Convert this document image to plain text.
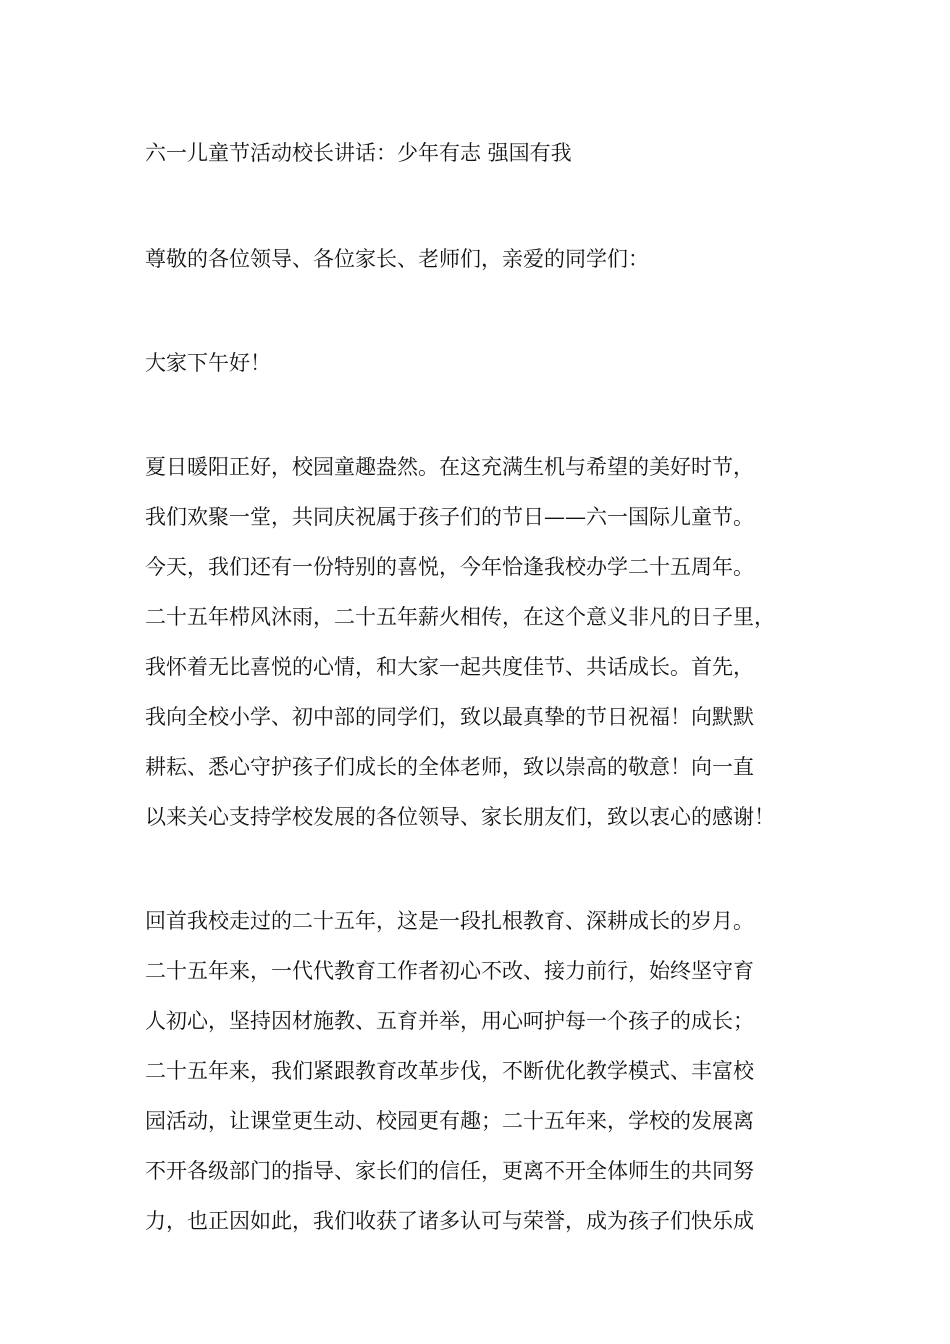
六一儿童节活动校长讲话：少年有志 强国有我
尊敬的各位领导、各位家长、老师们，亲爱的同学们：
大家下午好！
夏日暖阳正好，校园童趣盎然。在这充满生机与希望的美好时节，
我们欢聚一堂，共同庆祝属于孩子们的节日——六一国际儿童节。
今天，我们还有一份特别的喜悦，今年恰逢我校办学二十五周年。
二十五年栉风沐雨，二十五年薪火相传，在这个意义非凡的日子里，
我怀着无比喜悦的心情，和大家一起共度佳节、共话成长。首先，
我向全校小学、初中部的同学们，致以最真挚的节日祝福！向默默
耕耘、悉心守护孩子们成长的全体老师，致以崇高的敬意！向一直
以来关心支持学校发展的各位领导、家长朋友们，致以衷心的感谢！
回首我校走过的二十五年，这是一段扎根教育、深耕成长的岁月。
二十五年来，一代代教育工作者初心不改、接力前行，始终坚守育
人初心，坚持因材施教、五育并举，用心呵护每一个孩子的成长；
二十五年来，我们紧跟教育改革步伐，不断优化教学模式、丰富校
园活动，让课堂更生动、校园更有趣；二十五年来，学校的发展离
不开各级部门的指导、家长们的信任，更离不开全体师生的共同努
力，也正因如此，我们收获了诸多认可与荣誉，成为孩子们快乐成
